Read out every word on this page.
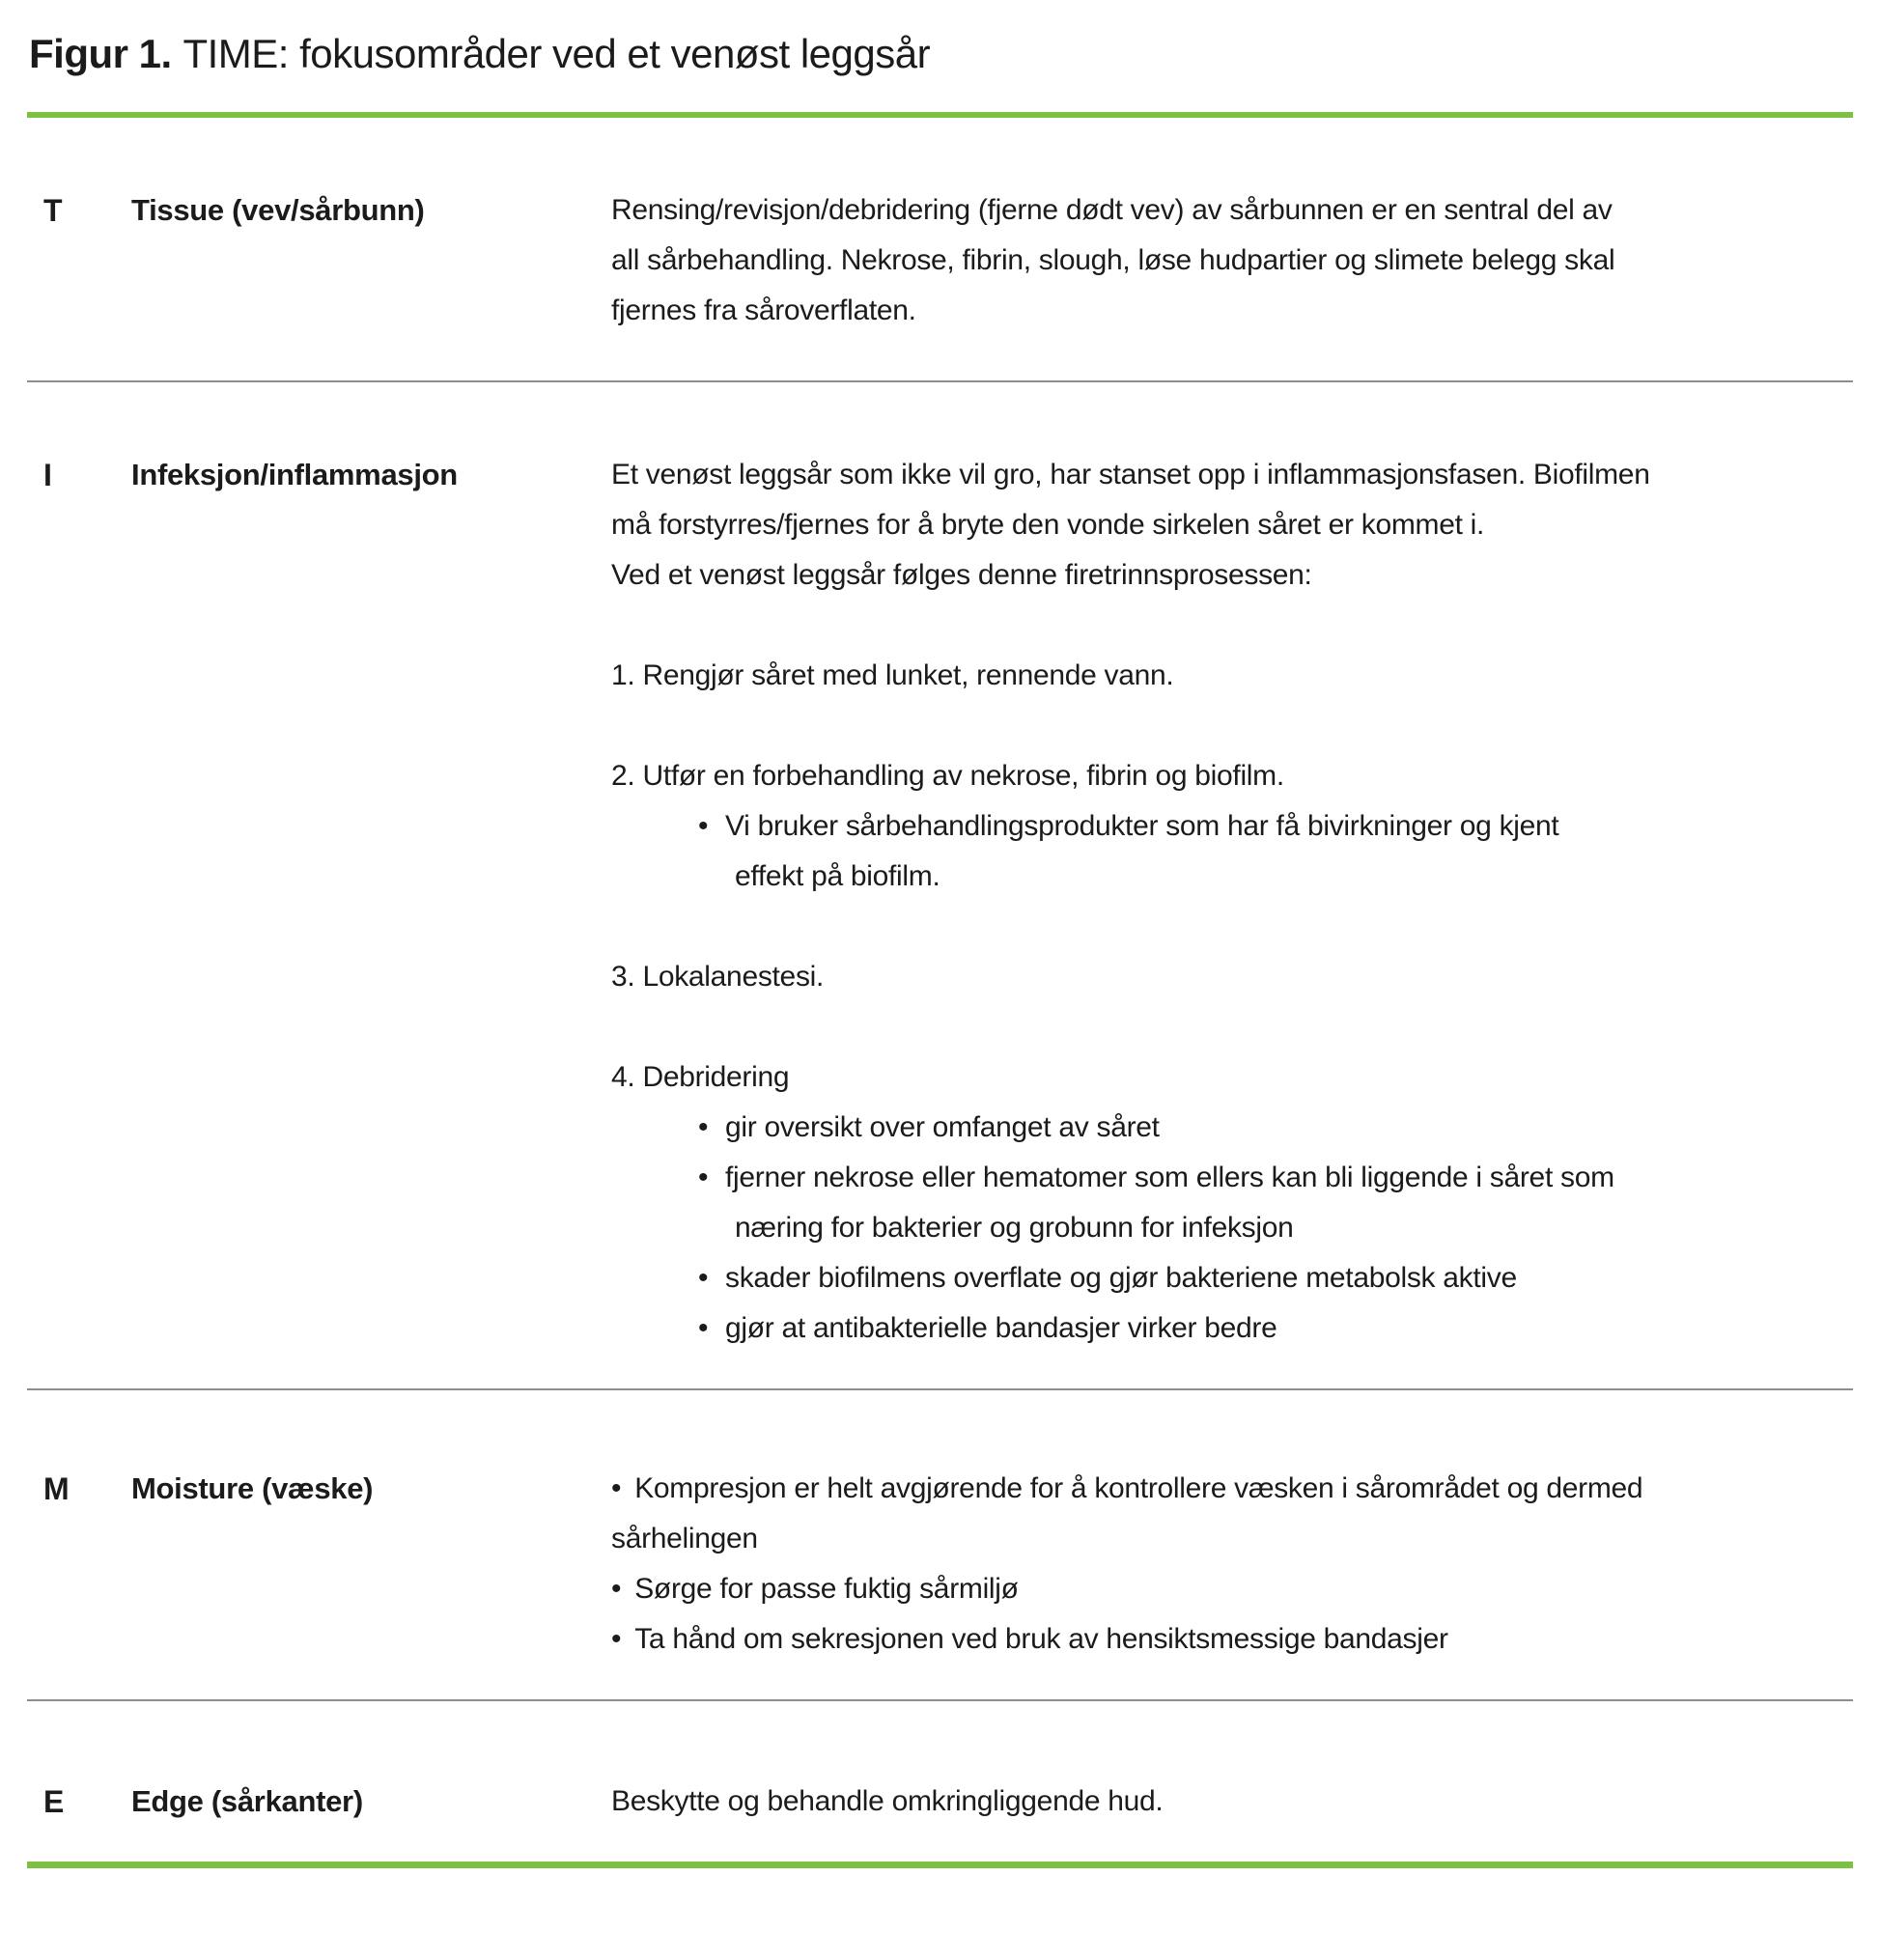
Figur 1. TIME: fokusområder ved et venøst leggsår
T	Tissue (vev/sårbunn)	Rensing/revisjon/debridering (fjerne dødt vev) av sårbunnen er en sentral del av
all sårbehandling. Nekrose, fibrin, slough, løse hudpartier og slimete belegg skal
fjernes fra såroverflaten.
I	Infeksjon/inflammasjon	Et venøst leggsår som ikke vil gro, har stanset opp i inflammasjonsfasen. Biofilmen
må forstyrres/fjernes for å bryte den vonde sirkelen såret er kommet i.
Ved et venøst leggsår følges denne firetrinnsprosessen:
1. Rengjør såret med lunket, rennende vann.
2. Utfør en forbehandling av nekrose, fibrin og biofilm.
• Vi bruker sårbehandlingsprodukter som har få bivirkninger og kjent
effekt på biofilm.
3. Lokalanestesi.
4. Debridering
• gir oversikt over omfanget av såret
• fjerner nekrose eller hematomer som ellers kan bli liggende i såret som
næring for bakterier og grobunn for infeksjon
• skader biofilmens overflate og gjør bakteriene metabolsk aktive
• gjør at antibakterielle bandasjer virker bedre
M	Moisture (væske)	• Kompresjon er helt avgjørende for å kontrollere væsken i sårområdet og dermed
sårhelingen
• Sørge for passe fuktig sårmiljø
• Ta hånd om sekresjonen ved bruk av hensiktsmessige bandasjer
E	Edge (sårkanter)	Beskytte og behandle omkringliggende hud.
